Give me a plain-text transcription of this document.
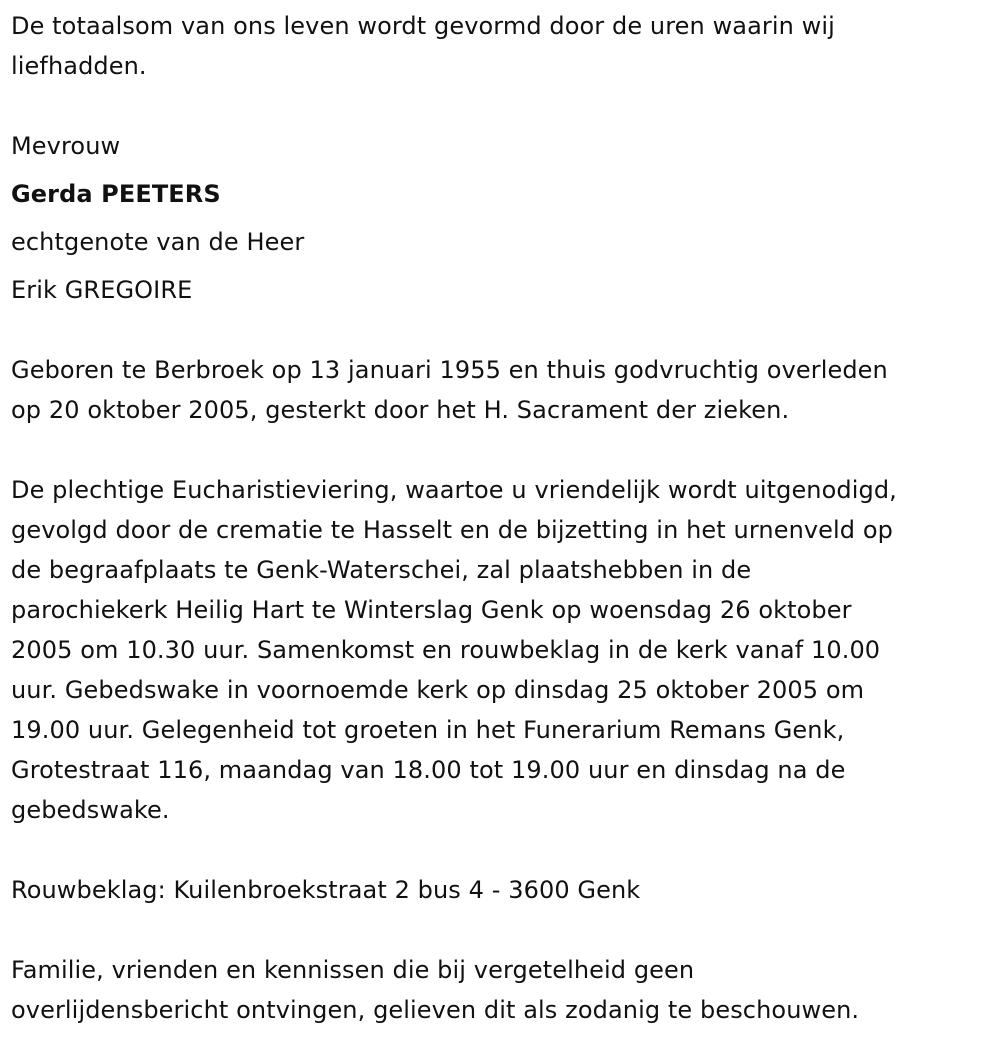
De totaalsom van ons leven wordt gevormd door de uren waarin wij
liefhadden.
Mevrouw
Gerda PEETERS
echtgenote van de Heer
Erik GREGOIRE
Geboren te Berbroek op 13 januari 1955 en thuis godvruchtig overleden
op 20 oktober 2005, gesterkt door het H. Sacrament der zieken.
De plechtige Eucharistieviering, waartoe u vriendelijk wordt uitgenodigd,
gevolgd door de crematie te Hasselt en de bijzetting in het urnenveld op
de begraafplaats te Genk-Waterschei, zal plaatshebben in de
parochiekerk Heilig Hart te Winterslag Genk op woensdag 26 oktober
2005 om 10.30 uur. Samenkomst en rouwbeklag in de kerk vanaf 10.00
uur. Gebedswake in voornoemde kerk op dinsdag 25 oktober 2005 om
19.00 uur. Gelegenheid tot groeten in het Funerarium Remans Genk,
Grotestraat 116, maandag van 18.00 tot 19.00 uur en dinsdag na de
gebedswake.
Rouwbeklag: Kuilenbroekstraat 2 bus 4 - 3600 Genk
Familie, vrienden en kennissen die bij vergetelheid geen
overlijdensbericht ontvingen, gelieven dit als zodanig te beschouwen.
